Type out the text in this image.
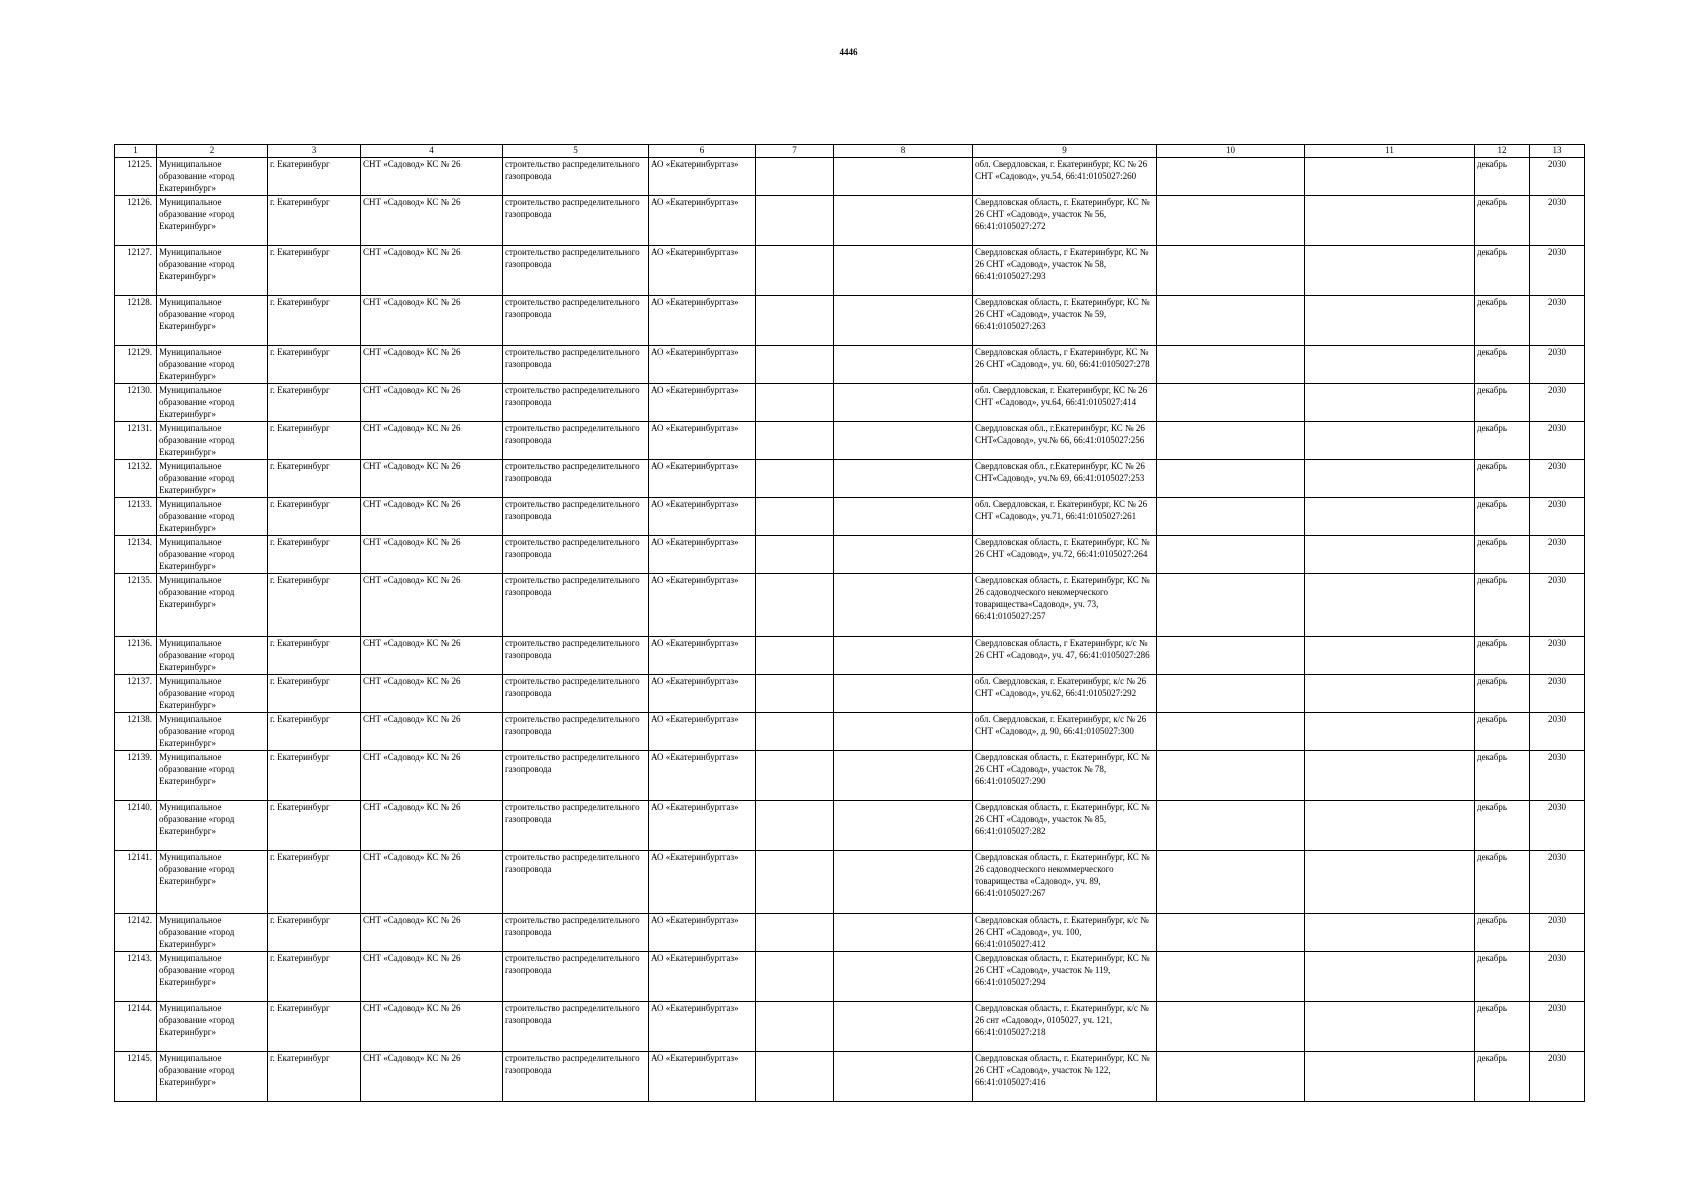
4446
1	2	3	4	5	6	7	8	9	10	11	12	13
12125.	Муниципальное образование «город Екатеринбург»	г. Екатеринбург	СНТ «Садовод» КС № 26	строительство распределительного газопровода	АО «Екатеринбурггаз»			обл. Свердловская, г. Екатеринбург, КС № 26 СНТ «Садовод», уч.54, 66:41:0105027:260			декабрь	2030
12126.	Муниципальное образование «город Екатеринбург»	г. Екатеринбург	СНТ «Садовод» КС № 26	строительство распределительного газопровода	АО «Екатеринбурггаз»			Свердловская область, г. Екатеринбург, КС № 26 СНТ «Садовод», участок № 56, 66:41:0105027:272			декабрь	2030
12127.	Муниципальное образование «город Екатеринбург»	г. Екатеринбург	СНТ «Садовод» КС № 26	строительство распределительного газопровода	АО «Екатеринбурггаз»			Свердловская область, г Екатеринбург, КС № 26 СНТ «Садовод», участок № 58, 66:41:0105027:293			декабрь	2030
12128.	Муниципальное образование «город Екатеринбург»	г. Екатеринбург	СНТ «Садовод» КС № 26	строительство распределительного газопровода	АО «Екатеринбурггаз»			Свердловская область, г. Екатеринбург, КС № 26 СНТ «Садовод», участок № 59, 66:41:0105027:263			декабрь	2030
12129.	Муниципальное образование «город Екатеринбург»	г. Екатеринбург	СНТ «Садовод» КС № 26	строительство распределительного газопровода	АО «Екатеринбурггаз»			Свердловская область, г Екатеринбург, КС № 26 СНТ «Садовод», уч. 60, 66:41:0105027:278			декабрь	2030
12130.	Муниципальное образование «город Екатеринбург»	г. Екатеринбург	СНТ «Садовод» КС № 26	строительство распределительного газопровода	АО «Екатеринбурггаз»			обл. Свердловская, г. Екатеринбург, КС № 26 СНТ «Садовод», уч.64, 66:41:0105027:414			декабрь	2030
12131.	Муниципальное образование «город Екатеринбург»	г. Екатеринбург	СНТ «Садовод» КС № 26	строительство распределительного газопровода	АО «Екатеринбурггаз»			Свердловская обл., г.Екатеринбург, КС № 26 СНТ«Садовод», уч.№ 66, 66:41:0105027:256			декабрь	2030
12132.	Муниципальное образование «город Екатеринбург»	г. Екатеринбург	СНТ «Садовод» КС № 26	строительство распределительного газопровода	АО «Екатеринбурггаз»			Свердловская обл., г.Екатеринбург, КС № 26 СНТ«Садовод», уч.№ 69, 66:41:0105027:253			декабрь	2030
12133.	Муниципальное образование «город Екатеринбург»	г. Екатеринбург	СНТ «Садовод» КС № 26	строительство распределительного газопровода	АО «Екатеринбурггаз»			обл. Свердловская, г. Екатеринбург, КС № 26 СНТ «Садовод», уч.71, 66:41:0105027:261			декабрь	2030
12134.	Муниципальное образование «город Екатеринбург»	г. Екатеринбург	СНТ «Садовод» КС № 26	строительство распределительного газопровода	АО «Екатеринбурггаз»			Свердловская область, г. Екатеринбург, КС № 26 СНТ «Садовод», уч.72, 66:41:0105027:264			декабрь	2030
12135.	Муниципальное образование «город Екатеринбург»	г. Екатеринбург	СНТ «Садовод» КС № 26	строительство распределительного газопровода	АО «Екатеринбурггаз»			Свердловская область, г. Екатеринбург, КС № 26 садоводческого некомерческого товарищества«Садовод», уч. 73, 66:41:0105027:257			декабрь	2030
12136.	Муниципальное образование «город Екатеринбург»	г. Екатеринбург	СНТ «Садовод» КС № 26	строительство распределительного газопровода	АО «Екатеринбурггаз»			Свердловская область, г Екатеринбург, к/с № 26 СНТ «Садовод», уч. 47, 66:41:0105027:286			декабрь	2030
12137.	Муниципальное образование «город Екатеринбург»	г. Екатеринбург	СНТ «Садовод» КС № 26	строительство распределительного газопровода	АО «Екатеринбурггаз»			обл. Свердловская, г. Екатеринбург, к/с № 26 СНТ «Садовод», уч.62, 66:41:0105027:292			декабрь	2030
12138.	Муниципальное образование «город Екатеринбург»	г. Екатеринбург	СНТ «Садовод» КС № 26	строительство распределительного газопровода	АО «Екатеринбурггаз»			обл. Свердловская, г. Екатеринбург, к/с № 26 СНТ «Садовод», д. 90, 66:41:0105027:300			декабрь	2030
12139.	Муниципальное образование «город Екатеринбург»	г. Екатеринбург	СНТ «Садовод» КС № 26	строительство распределительного газопровода	АО «Екатеринбурггаз»			Свердловская область, г. Екатеринбург, КС № 26 СНТ «Садовод», участок № 78, 66:41:0105027:290			декабрь	2030
12140.	Муниципальное образование «город Екатеринбург»	г. Екатеринбург	СНТ «Садовод» КС № 26	строительство распределительного газопровода	АО «Екатеринбурггаз»			Свердловская область, г. Екатеринбург, КС № 26 СНТ «Садовод», участок № 85, 66:41:0105027:282			декабрь	2030
12141.	Муниципальное образование «город Екатеринбург»	г. Екатеринбург	СНТ «Садовод» КС № 26	строительство распределительного газопровода	АО «Екатеринбурггаз»			Свердловская область, г. Екатеринбург, КС № 26 садоводческого некоммерческого товарищества «Садовод», уч. 89, 66:41:0105027:267			декабрь	2030
12142.	Муниципальное образование «город Екатеринбург»	г. Екатеринбург	СНТ «Садовод» КС № 26	строительство распределительного газопровода	АО «Екатеринбурггаз»			Свердловская область, г. Екатеринбург, к/с № 26 СНТ «Садовод», уч. 100, 66:41:0105027:412			декабрь	2030
12143.	Муниципальное образование «город Екатеринбург»	г. Екатеринбург	СНТ «Садовод» КС № 26	строительство распределительного газопровода	АО «Екатеринбурггаз»			Свердловская область, г. Екатеринбург, КС № 26 СНТ «Садовод», участок № 119, 66:41:0105027:294			декабрь	2030
12144.	Муниципальное образование «город Екатеринбург»	г. Екатеринбург	СНТ «Садовод» КС № 26	строительство распределительного газопровода	АО «Екатеринбурггаз»			Свердловская область, г. Екатеринбург, к/с № 26 снт «Садовод», 0105027, уч. 121, 66:41:0105027:218			декабрь	2030
12145.	Муниципальное образование «город Екатеринбург»	г. Екатеринбург	СНТ «Садовод» КС № 26	строительство распределительного газопровода	АО «Екатеринбурггаз»			Свердловская область, г. Екатеринбург, КС № 26 СНТ «Садовод», участок № 122, 66:41:0105027:416			декабрь	2030
